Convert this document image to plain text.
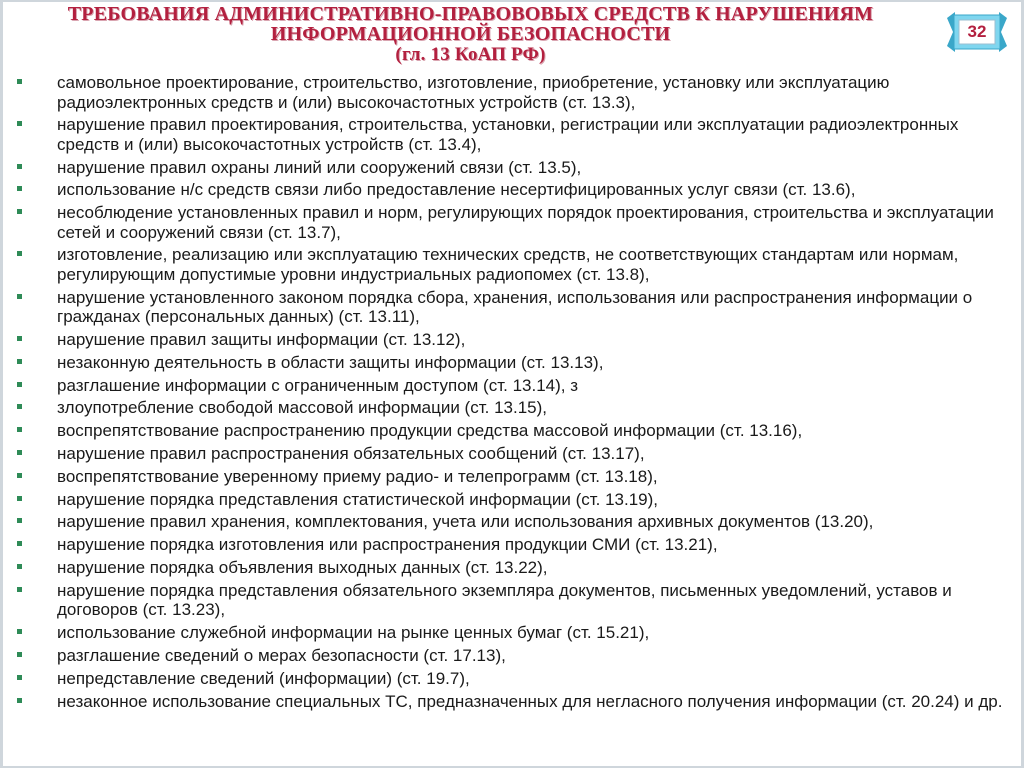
ТРЕБОВАНИЯ АДМИНИСТРАТИВНО-ПРАВОВОВЫХ СРЕДСТВ К НАРУШЕНИЯМ
ИНФОРМАЦИОННОЙ БЕЗОПАСНОСТИ
(гл. 13 КоАП РФ)
32
самовольное проектирование, строительство, изготовление, приобретение, установку или эксплуатацию радиоэлектронных средств и (или) высокочастотных устройств (ст. 13.3),
нарушение правил проектирования, строительства, установки, регистрации или эксплуатации радиоэлектронных средств и (или) высокочастотных устройств (ст. 13.4),
нарушение правил охраны линий или сооружений связи (ст. 13.5),
использование н/с средств связи либо предоставление несертифицированных услуг связи (ст. 13.6),
несоблюдение установленных правил и норм, регулирующих порядок проектирования, строительства и эксплуатации сетей и сооружений связи (ст. 13.7),
изготовление, реализацию или эксплуатацию технических средств, не соответствующих стандартам или нормам, регулирующим допустимые уровни индустриальных радиопомех (ст. 13.8),
нарушение установленного законом порядка сбора, хранения, использования или распространения информации о гражданах (персональных данных) (ст. 13.11),
нарушение правил защиты информации (ст. 13.12),
незаконную деятельность в области защиты информации (ст. 13.13),
разглашение информации с ограниченным доступом (ст. 13.14), з
злоупотребление свободой массовой информации (ст. 13.15),
воспрепятствование распространению продукции средства массовой информации (ст. 13.16),
нарушение правил распространения обязательных сообщений (ст. 13.17),
воспрепятствование уверенному приему радио- и телепрограмм (ст. 13.18),
нарушение порядка представления статистической информации (ст. 13.19),
нарушение правил хранения, комплектования, учета или использования архивных документов (13.20),
нарушение порядка изготовления или распространения продукции СМИ (ст. 13.21),
нарушение порядка объявления выходных данных (ст. 13.22),
нарушение порядка представления обязательного экземпляра документов, письменных уведомлений, уставов и договоров (ст. 13.23),
использование служебной информации на рынке ценных бумаг (ст. 15.21),
разглашение сведений о мерах безопасности (ст. 17.13),
непредставление сведений (информации) (ст. 19.7),
незаконное использование специальных ТС, предназначенных для негласного получения информации (ст. 20.24) и др.
